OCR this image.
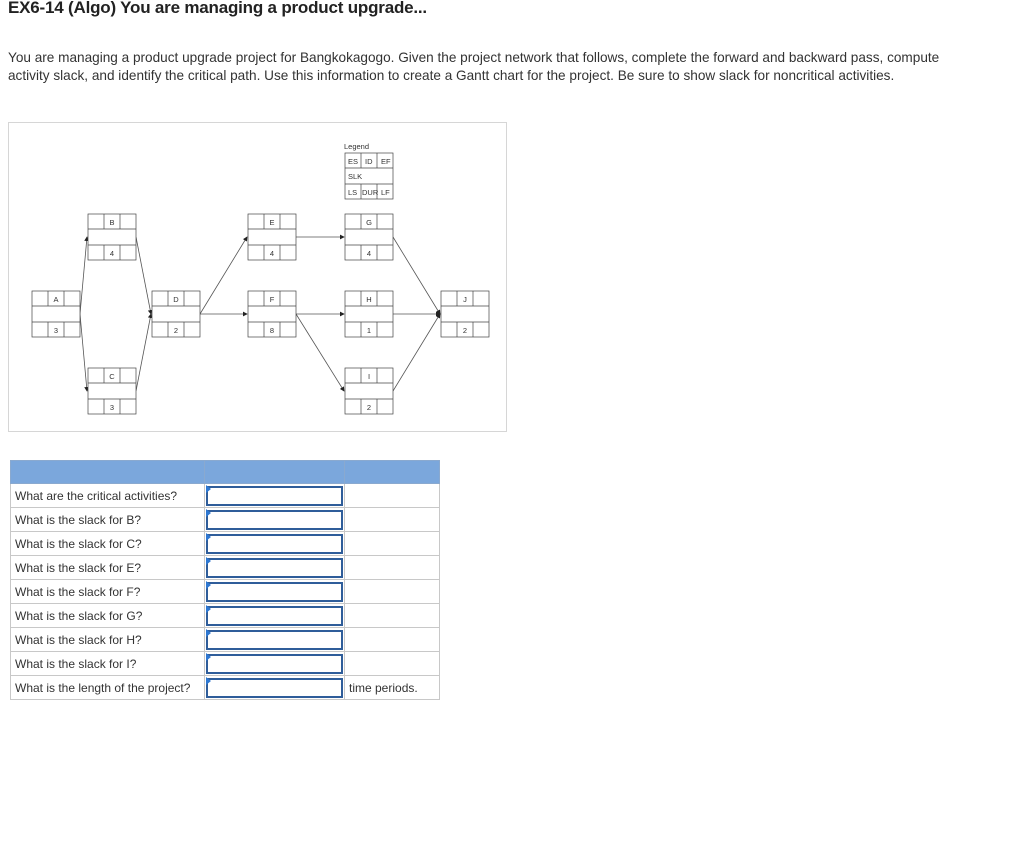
EX6-14 (Algo) You are managing a product upgrade...

You are managing a product upgrade project for Bangkokagogo. Given the project network that follows, complete the forward and backward pass, compute activity slack, and identify the critical path. Use this information to create a Gantt chart for the project. Be sure to show slack for noncritical activities.

Legend
ES ID EF
SLK
LS DUR LF
A
3
B
4
C
3
D
2
E
4
F
8
G
4
H
1
I
2
J
2

What are the critical activities?	

What is the slack for B?	

What is the slack for C?	

What is the slack for E?	

What is the slack for F?	

What is the slack for G?	

What is the slack for H?	

What is the slack for I?	

What is the length of the project?		time periods.
